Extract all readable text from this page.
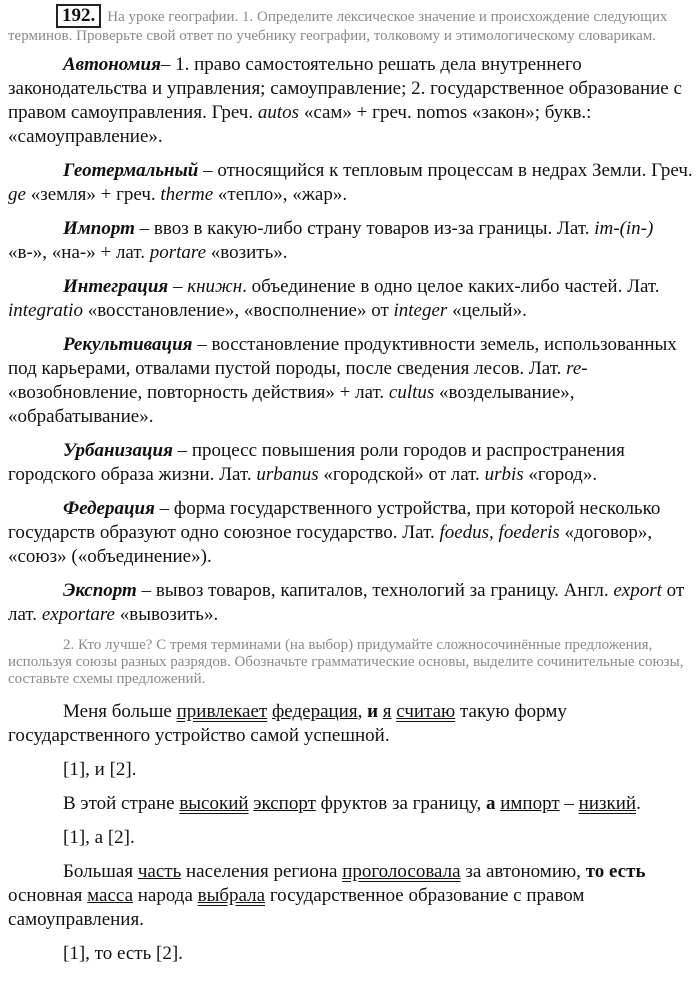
192. На уроке географии. 1. Определите лексическое значение и происхождение следующих терминов. Проверьте свой ответ по учебнику географии, толковому и этимологическому словарикам.

Автономия– 1. право самостоятельно решать дела внутреннего законодательства и управления; самоуправление; 2. государственное образование с правом самоуправления. Греч. autos «сам» + греч. nomos «закон»; букв.: «самоуправление».

Геотермальный – относящийся к тепловым процессам в недрах Земли. Греч. ge «земля» + греч. therme «тепло», «жар».

Импорт – ввоз в какую-либо страну товаров из-за границы. Лат. im-(in-) «в-», «на-» + лат. portare «возить».

Интеграция – книжн. объединение в одно целое каких-либо частей. Лат. integratio «восстановление», «восполнение» от integer «целый».

Рекультивация – восстановление продуктивности земель, использованных под карьерами, отвалами пустой породы, после сведения лесов. Лат. re- «возобновление, повторность действия» + лат. cultus «возделывание», «обрабатывание».

Урбанизация – процесс повышения роли городов и распространения городского образа жизни. Лат. urbanus «городской» от лат. urbis «город».

Федерация – форма государственного устройства, при которой несколько государств образуют одно союзное государство. Лат. foedus, foederis «договор», «союз» («объединение»).

Экспорт – вывоз товаров, капиталов, технологий за границу. Англ. export от лат. exportare «вывозить».

2. Кто лучше? С тремя терминами (на выбор) придумайте сложносочинённые предложения, используя союзы разных разрядов. Обозначьте грамматические основы, выделите сочинительные союзы, составьте схемы предложений.

Меня больше привлекает федерация, и я считаю такую форму государственного устройство самой успешной.

[1], и [2].

В этой стране высокий экспорт фруктов за границу, а импорт – низкий.

[1], а [2].

Большая часть населения региона проголосовала за автономию, то есть основная масса народа выбрала государственное образование с правом самоуправления.

[1], то есть [2].
